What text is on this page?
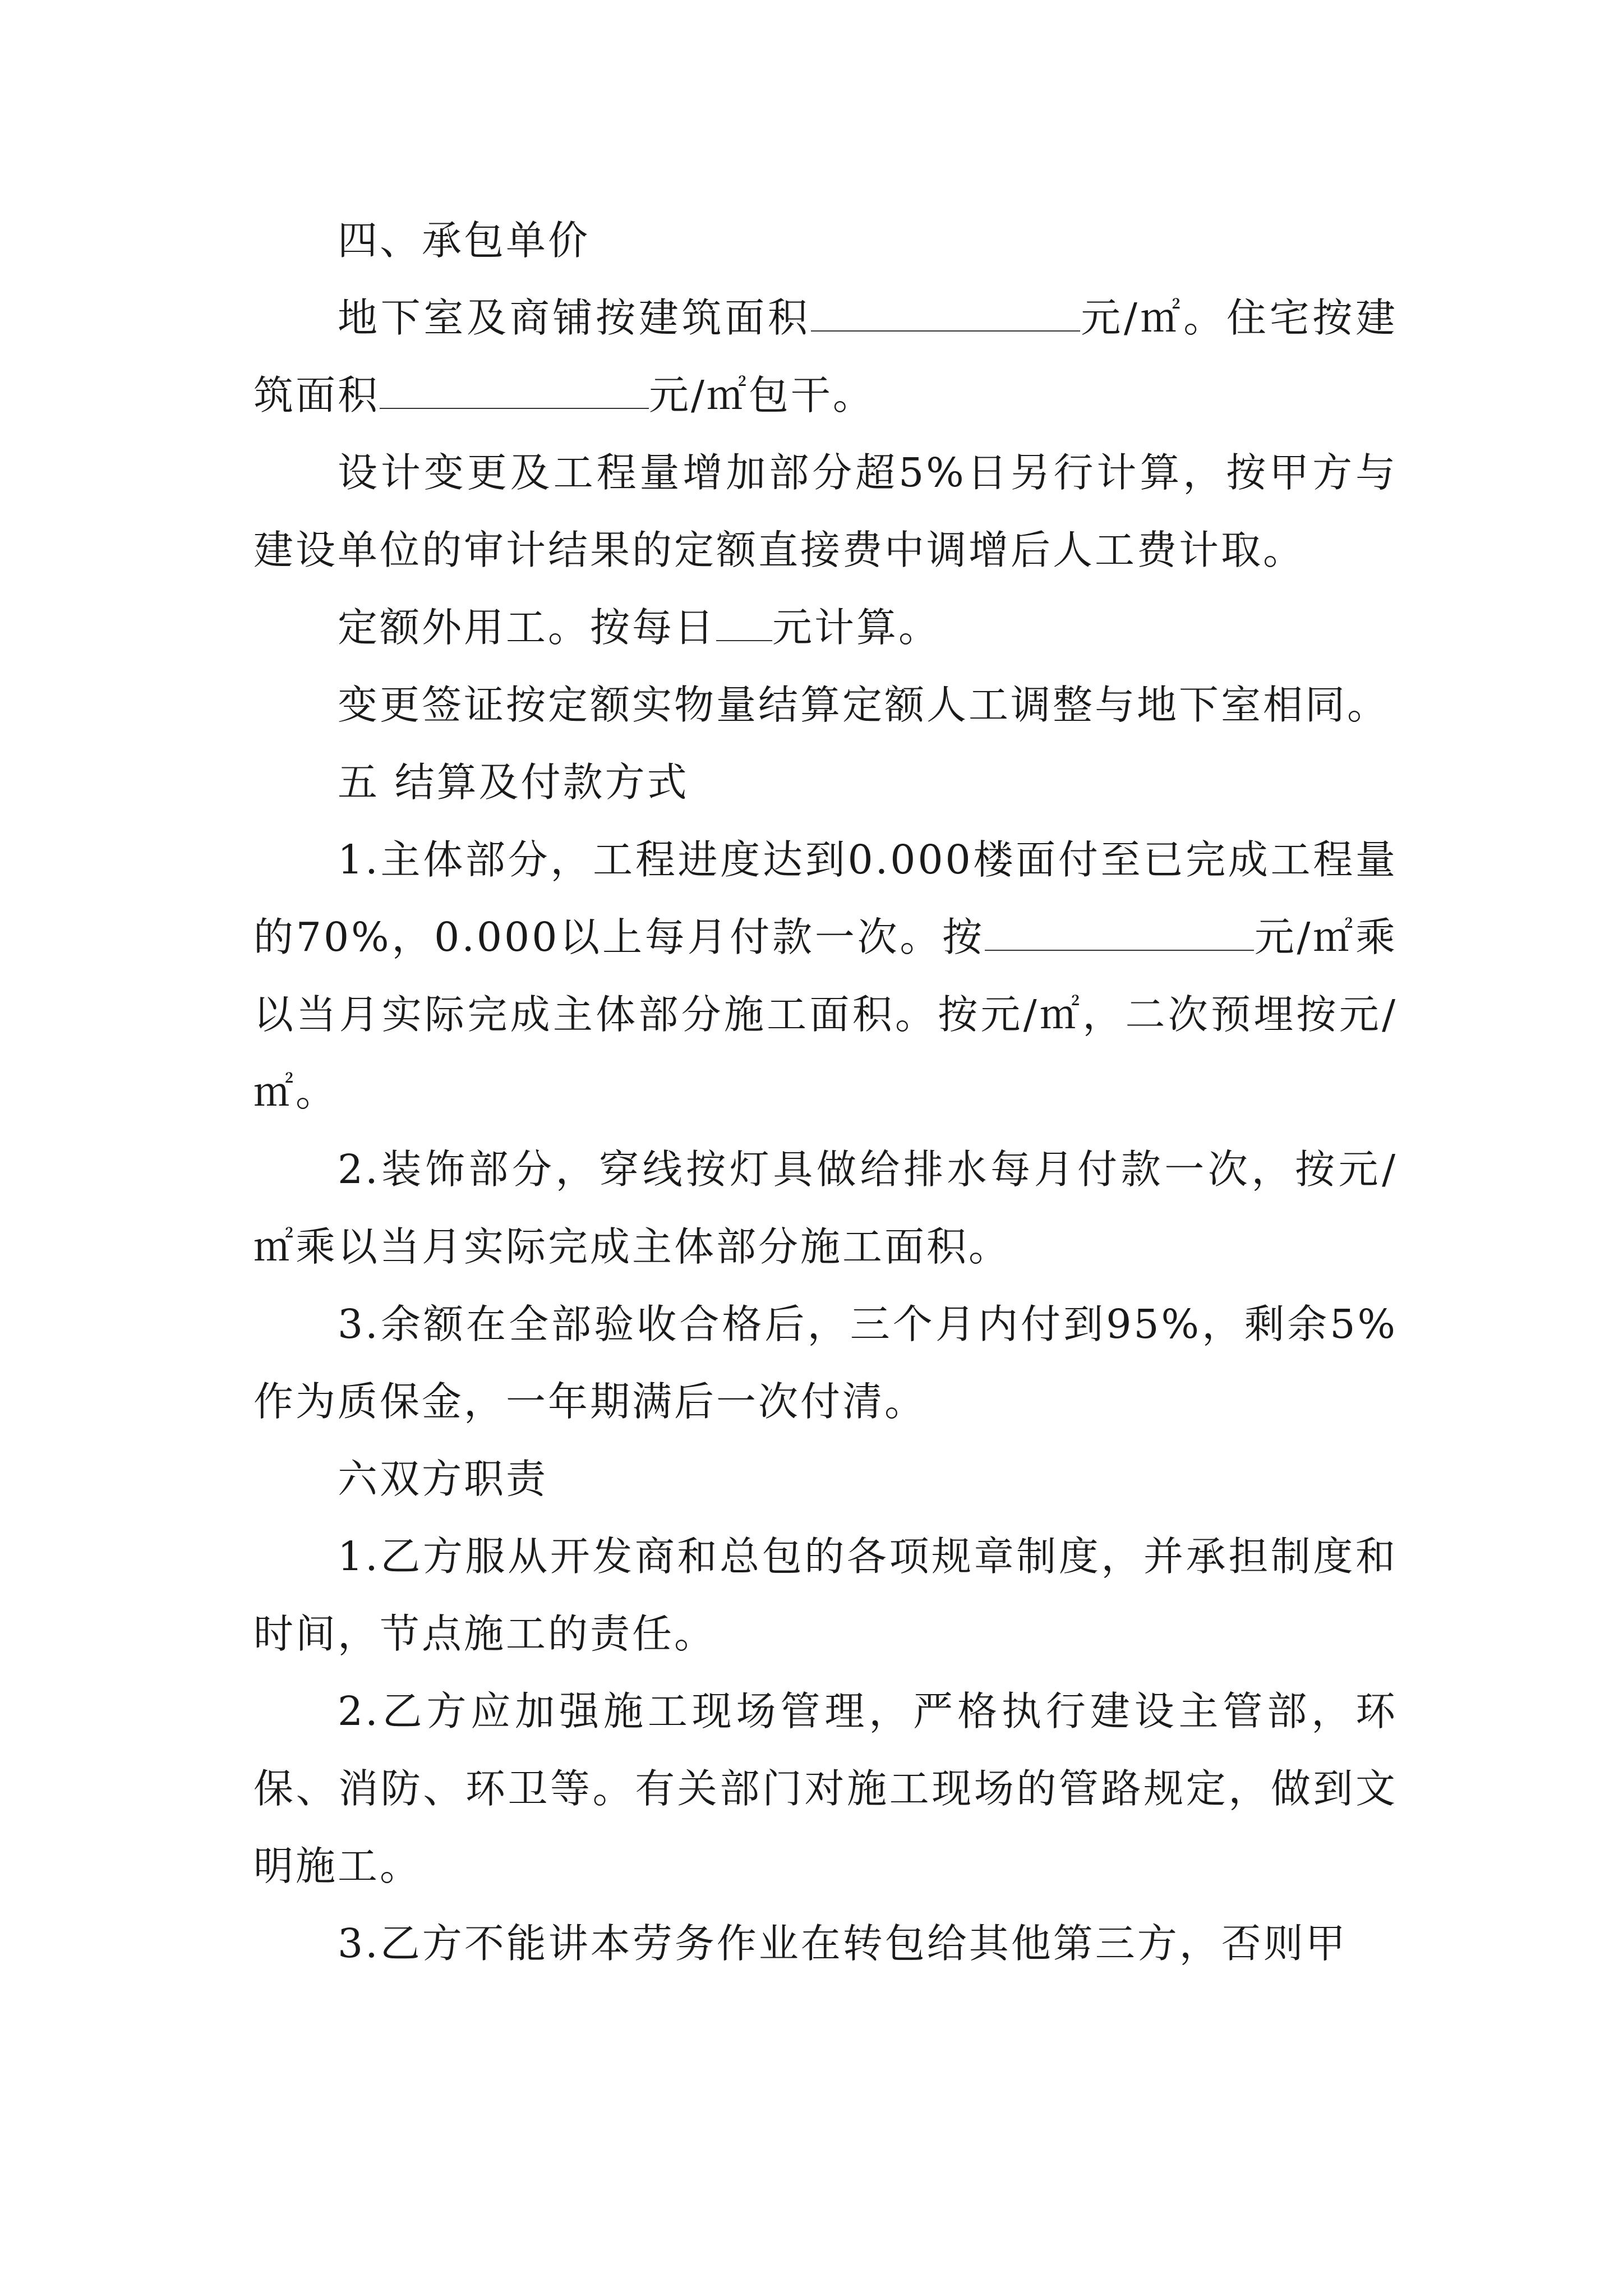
四、承包单价

地下室及商铺按建筑面积	元/㎡。住宅按建筑面积	元/㎡包干。

设计变更及工程量增加部分超5%日另行计算，按甲方与建设单位的审计结果的定额直接费中调增后人工费计取。

定额外用工。按每日 元计算。

变更签证按定额实物量结算定额人工调整与地下室相同。

五 结算及付款方式

1.主体部分，工程进度达到0.000楼面付至已完成工程量的70%，0.000以上每月付款一次。按	元/㎡乘以当月实际完成主体部分施工面积。按元/㎡，二次预埋按元/㎡。

2.装饰部分，穿线按灯具做给排水每月付款一次，按元/㎡乘以当月实际完成主体部分施工面积。

3.余额在全部验收合格后，三个月内付到95%，剩余5%作为质保金，一年期满后一次付清。

六双方职责

1.乙方服从开发商和总包的各项规章制度，并承担制度和时间，节点施工的责任。

2.乙方应加强施工现场管理，严格执行建设主管部，环保、消防、环卫等。有关部门对施工现场的管路规定，做到文明施工。

3.乙方不能讲本劳务作业在转包给其他第三方，否则甲
